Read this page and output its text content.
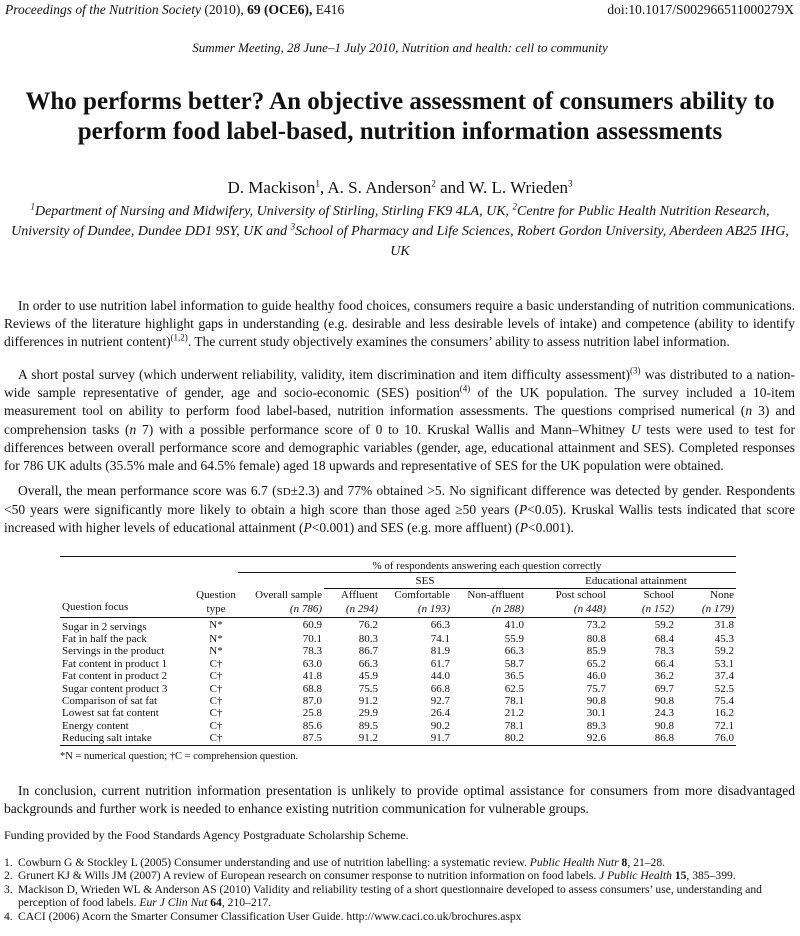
Proceedings of the Nutrition Society (2010), 69 (OCE6), E416	doi:10.1017/S002966511000279X
Summer Meeting, 28 June–1 July 2010, Nutrition and health: cell to community
Who performs better? An objective assessment of consumers ability to perform food label-based, nutrition information assessments
D. Mackison$^1$, A. S. Anderson$^2$ and W. L. Wrieden$^3$
$^1$Department of Nursing and Midwifery, University of Stirling, Stirling FK9 4LA, UK, $^2$Centre for Public Health Nutrition Research, University of Dundee, Dundee DD1 9SY, UK and $^3$School of Pharmacy and Life Sciences, Robert Gordon University, Aberdeen AB25 IHG, UK

In order to use nutrition label information to guide healthy food choices, consumers require a basic understanding of nutrition communications. Reviews of the literature highlight gaps in understanding (e.g. desirable and less desirable levels of intake) and competence (ability to identify differences in nutrient content)$^{(1,2)}$. The current study objectively examines the consumers’ ability to assess nutrition label information.

A short postal survey (which underwent reliability, validity, item discrimination and item difficulty assessment)$^{(3)}$ was distributed to a nation-wide sample representative of gender, age and socio-economic (SES) position$^{(4)}$ of the UK population. The survey included a 10-item measurement tool on ability to perform food label-based, nutrition information assessments. The questions comprised numerical (n 3) and comprehension tasks (n 7) with a possible performance score of 0 to 10. Kruskal Wallis and Mann–Whitney U tests were used to test for differences between overall performance score and demographic variables (gender, age, educational attainment and SES). Completed responses for 786 UK adults (35.5% male and 64.5% female) aged 18 upwards and representative of SES for the UK population were obtained.

Overall, the mean performance score was 6.7 (SD±2.3) and 77% obtained >5. No significant difference was detected by gender. Respondents <50 years were significantly more likely to obtain a high score than those aged ≥50 years (P<0.05). Kruskal Wallis tests indicated that score increased with higher levels of educational attainment (P<0.001) and SES (e.g. more affluent) (P<0.001).

		% of respondents answering each question correctly						
			SES			Educational attainment		
	Question	Overall sample	Affluent	Comfortable	Non-affluent	Post school	School	None
Question focus	type	(n 786)	(n 294)	(n 193)	(n 288)	(n 448)	(n 152)	(n 179)
Sugar in 2 servings	N*	60.9	76.2	66.3	41.0	73.2	59.2	31.8
Fat in half the pack	N*	70.1	80.3	74.1	55.9	80.8	68.4	45.3
Servings in the product	N*	78.3	86.7	81.9	66.3	85.9	78.3	59.2
Fat content in product 1	C†	63.0	66.3	61.7	58.7	65.2	66.4	53.1
Fat content in product 2	C†	41.8	45.9	44.0	36.5	46.0	36.2	37.4
Sugar content product 3	C†	68.8	75.5	66.8	62.5	75.7	69.7	52.5
Comparison of sat fat	C†	87.0	91.2	92.7	78.1	90.8	90.8	75.4
Lowest sat fat content	C†	25.8	29.9	26.4	21.2	30.1	24.3	16.2
Energy content	C†	85.6	89.5	90.2	78.1	89.3	90.8	72.1
Reducing salt intake	C†	87.5	91.2	91.7	80.2	92.6	86.8	76.0
*N = numerical question; †C = comprehension question.

In conclusion, current nutrition information presentation is unlikely to provide optimal assistance for consumers from more disadvantaged backgrounds and further work is needed to enhance existing nutrition communication for vulnerable groups.

Funding provided by the Food Standards Agency Postgraduate Scholarship Scheme.
1. Cowburn G & Stockley L (2005) Consumer understanding and use of nutrition labelling: a systematic review. Public Health Nutr 8, 21–28.
2. Grunert KJ & Wills JM (2007) A review of European research on consumer response to nutrition information on food labels. J Public Health 15, 385–399.
3. Mackison D, Wrieden WL & Anderson AS (2010) Validity and reliability testing of a short questionnaire developed to assess consumers’ use, understanding and perception of food labels. Eur J Clin Nut 64, 210–217.
4. CACI (2006) Acorn the Smarter Consumer Classification User Guide. http://www.caci.co.uk/brochures.aspx
